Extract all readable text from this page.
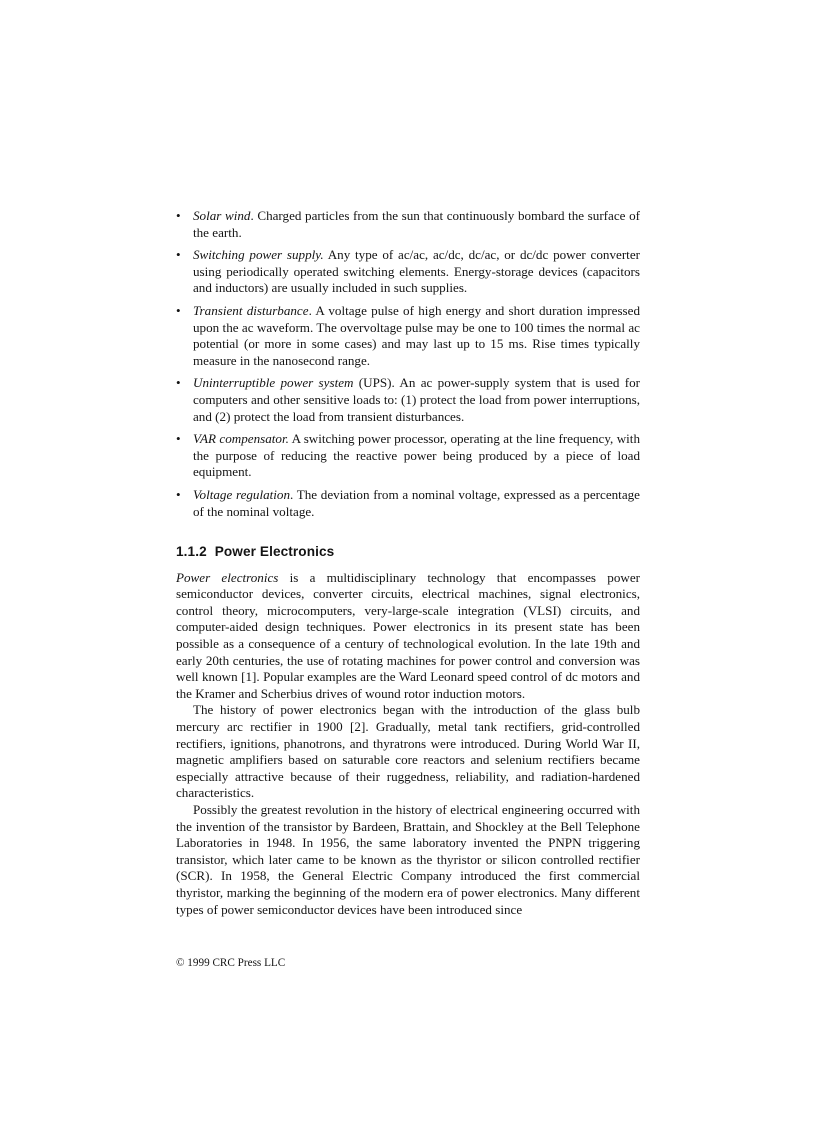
• Solar wind. Charged particles from the sun that continuously bombard the surface of the earth.
• Switching power supply. Any type of ac/ac, ac/dc, dc/ac, or dc/dc power converter using periodically operated switching elements. Energy-storage devices (capacitors and inductors) are usually included in such supplies.
• Transient disturbance. A voltage pulse of high energy and short duration impressed upon the ac waveform. The overvoltage pulse may be one to 100 times the normal ac potential (or more in some cases) and may last up to 15 ms. Rise times typically measure in the nanosecond range.
• Uninterruptible power system (UPS). An ac power-supply system that is used for computers and other sensitive loads to: (1) protect the load from power interruptions, and (2) protect the load from transient disturbances.
• VAR compensator. A switching power processor, operating at the line frequency, with the purpose of reducing the reactive power being produced by a piece of load equipment.
• Voltage regulation. The deviation from a nominal voltage, expressed as a percentage of the nominal voltage.
1.1.2 Power Electronics

Power electronics is a multidisciplinary technology that encompasses power semiconductor devices, converter circuits, electrical machines, signal electronics, control theory, microcomputers, very-large-scale integration (VLSI) circuits, and computer-aided design techniques. Power electronics in its present state has been possible as a consequence of a century of technological evolution. In the late 19th and early 20th centuries, the use of rotating machines for power control and conversion was well known [1]. Popular examples are the Ward Leonard speed control of dc motors and the Kramer and Scherbius drives of wound rotor induction motors.

The history of power electronics began with the introduction of the glass bulb mercury arc rectifier in 1900 [2]. Gradually, metal tank rectifiers, grid-controlled rectifiers, ignitions, phanotrons, and thyratrons were introduced. During World War II, magnetic amplifiers based on saturable core reactors and selenium rectifiers became especially attractive because of their ruggedness, reliability, and radiation-hardened characteristics.

Possibly the greatest revolution in the history of electrical engineering occurred with the invention of the transistor by Bardeen, Brattain, and Shockley at the Bell Telephone Laboratories in 1948. In 1956, the same laboratory invented the PNPN triggering transistor, which later came to be known as the thyristor or silicon controlled rectifier (SCR). In 1958, the General Electric Company introduced the first commercial thyristor, marking the beginning of the modern era of power electronics. Many different types of power semiconductor devices have been introduced since

© 1999 CRC Press LLC
